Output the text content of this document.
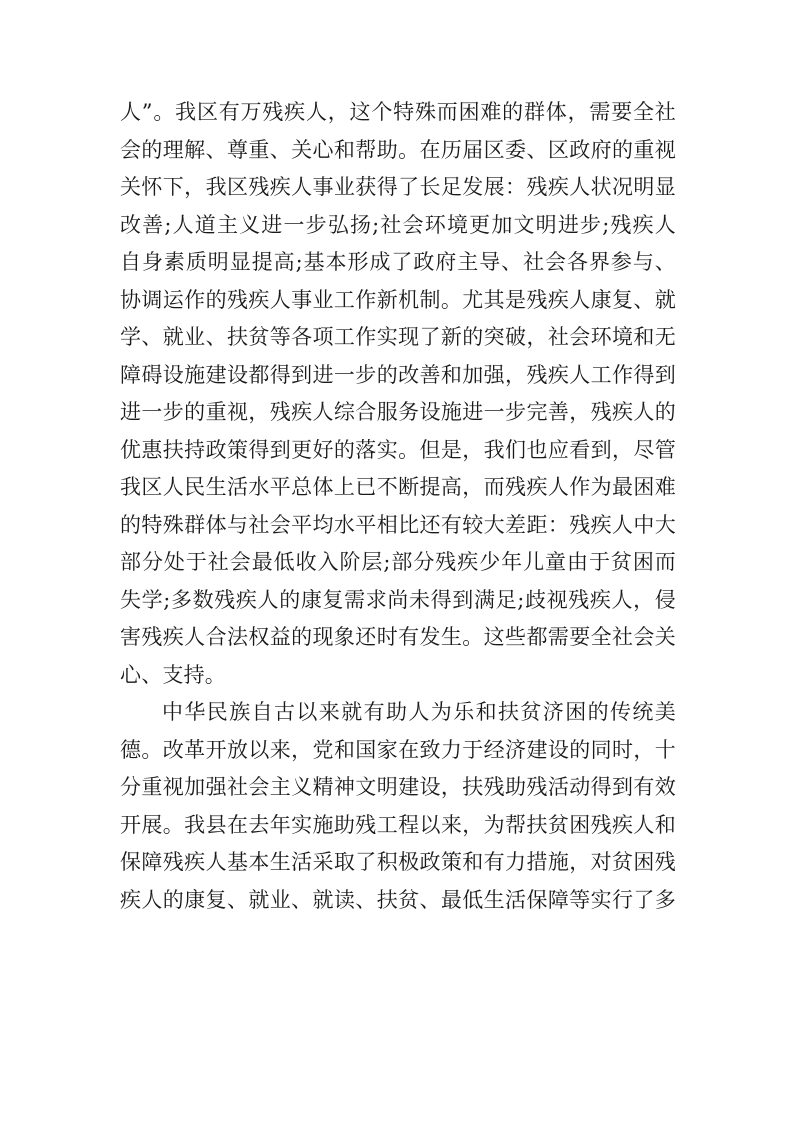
人”。我区有万残疾人，这个特殊而困难的群体，需要全社
会的理解、尊重、关心和帮助。在历届区委、区政府的重视
关怀下，我区残疾人事业获得了长足发展：残疾人状况明显
改善;人道主义进一步弘扬;社会环境更加文明进步;残疾人
自身素质明显提高;基本形成了政府主导、社会各界参与、
协调运作的残疾人事业工作新机制。尤其是残疾人康复、就
学、就业、扶贫等各项工作实现了新的突破，社会环境和无
障碍设施建设都得到进一步的改善和加强，残疾人工作得到
进一步的重视，残疾人综合服务设施进一步完善，残疾人的
优惠扶持政策得到更好的落实。但是，我们也应看到，尽管
我区人民生活水平总体上已不断提高，而残疾人作为最困难
的特殊群体与社会平均水平相比还有较大差距：残疾人中大
部分处于社会最低收入阶层;部分残疾少年儿童由于贫困而
失学;多数残疾人的康复需求尚未得到满足;歧视残疾人，侵
害残疾人合法权益的现象还时有发生。这些都需要全社会关
心、支持。
中华民族自古以来就有助人为乐和扶贫济困的传统美
德。改革开放以来，党和国家在致力于经济建设的同时，十
分重视加强社会主义精神文明建设，扶残助残活动得到有效
开展。我县在去年实施助残工程以来，为帮扶贫困残疾人和
保障残疾人基本生活采取了积极政策和有力措施，对贫困残
疾人的康复、就业、就读、扶贫、最低生活保障等实行了多
